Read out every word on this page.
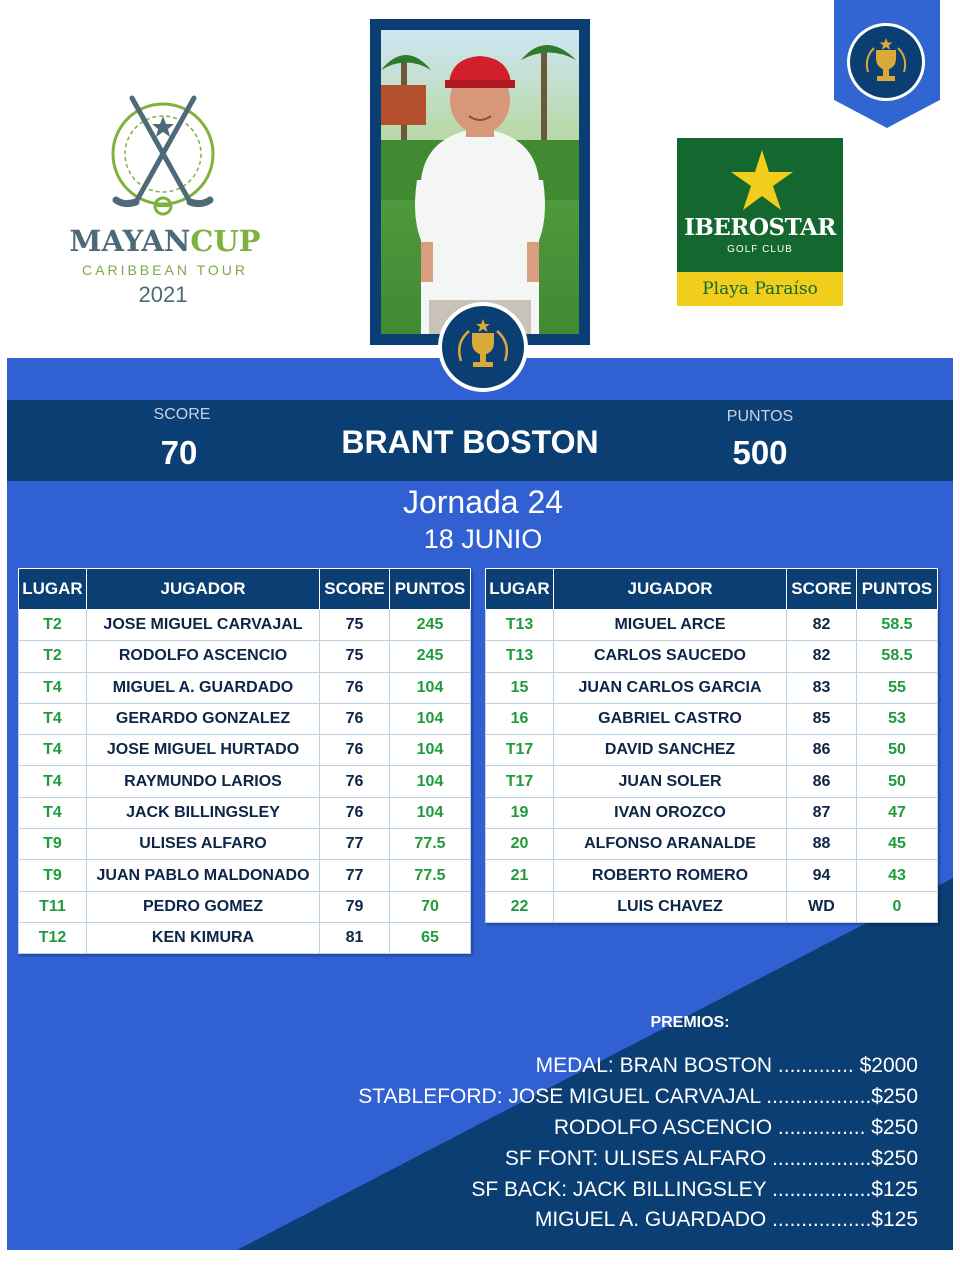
MAYANCUP
CARIBBEAN TOUR
2021
IBEROSTAR
GOLF CLUB
Playa Paraíso
SCORE
70	BRANT BOSTON
PUNTOS
500
Jornada 24
18 JUNIO
LUGAR	JUGADOR	SCORE	PUNTOS
T2	JOSE MIGUEL CARVAJAL	75	245
T2	RODOLFO ASCENCIO	75	245
T4	MIGUEL A. GUARDADO	76	104
T4	GERARDO GONZALEZ	76	104
T4	JOSE MIGUEL HURTADO	76	104
T4	RAYMUNDO LARIOS	76	104
T4	JACK BILLINGSLEY	76	104
T9	ULISES ALFARO	77	77.5
T9	JUAN PABLO MALDONADO	77	77.5
T11	PEDRO GOMEZ	79	70
T12	KEN KIMURA	81	65
LUGAR	JUGADOR	SCORE	PUNTOS
T13	MIGUEL ARCE	82	58.5
T13	CARLOS SAUCEDO	82	58.5
15	JUAN CARLOS GARCIA	83	55
16	GABRIEL CASTRO	85	53
T17	DAVID SANCHEZ	86	50
T17	JUAN SOLER	86	50
19	IVAN OROZCO	87	47
20	ALFONSO ARANALDE	88	45
21	ROBERTO ROMERO	94	43
22	LUIS CHAVEZ	WD	0
PREMIOS:
MEDAL: BRAN BOSTON ............. $2000
STABLEFORD: JOSE MIGUEL CARVAJAL ..................$250
RODOLFO ASCENCIO ............... $250
SF FONT: ULISES ALFARO .................$250
SF BACK: JACK BILLINGSLEY .................$125
MIGUEL A. GUARDADO .................$125
